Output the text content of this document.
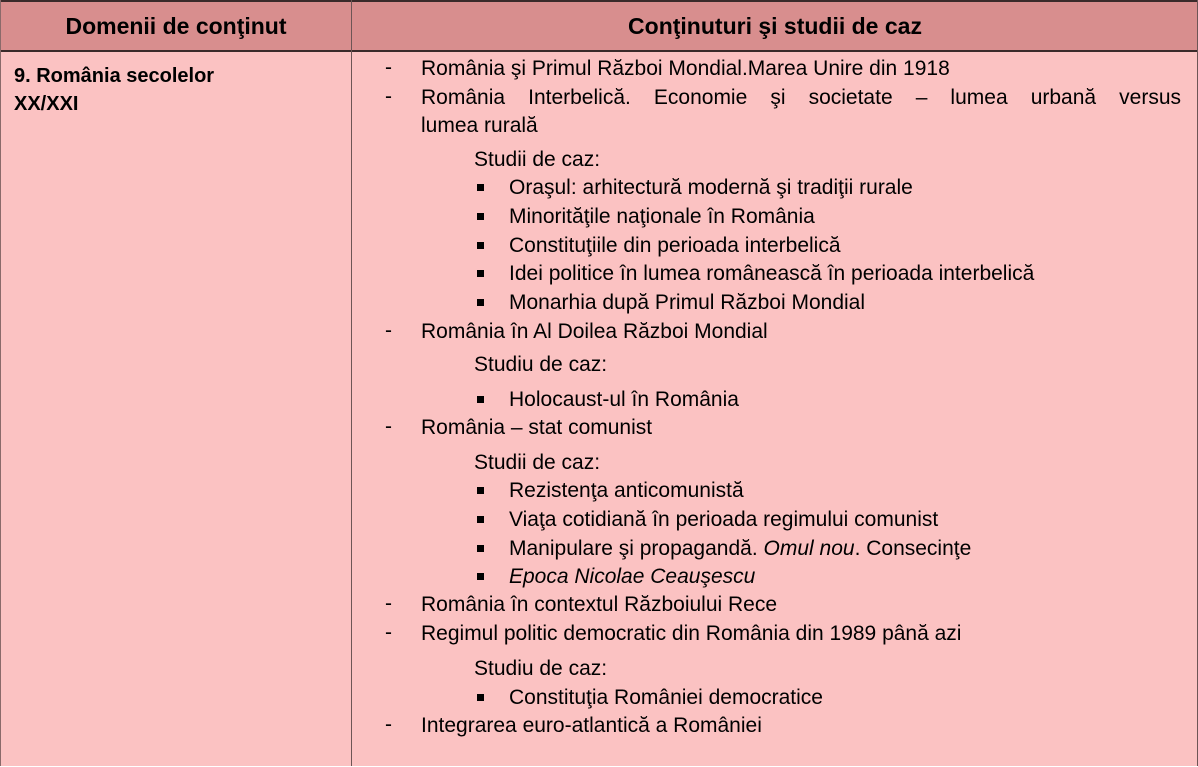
9. România secolelor
XX/XXI
Domenii de conţinut	Conţinuturi şi studii de caz
- România şi Primul Război Mondial.Marea Unire din 1918
- România Interbelică. Economie şi societate – lumea urbană versus
lumea rurală
Studii de caz:
Oraşul: arhitectură modernă şi tradiţii rurale
Minorităţile naţionale în România
Constituţiile din perioada interbelică
Idei politice în lumea românească în perioada interbelică
Monarhia după Primul Război Mondial
- România în Al Doilea Război Mondial
Studiu de caz:
Holocaust-ul în România
- România – stat comunist
Studii de caz:
Rezistenţa anticomunistă
Viaţa cotidiană în perioada regimului comunist
Manipulare şi propagandă. Omul nou. Consecinţe
Epoca Nicolae Ceauşescu
- România în contextul Războiului Rece
- Regimul politic democratic din România din 1989 până azi
Studiu de caz:
Constituţia României democratice
- Integrarea euro-atlantică a României
